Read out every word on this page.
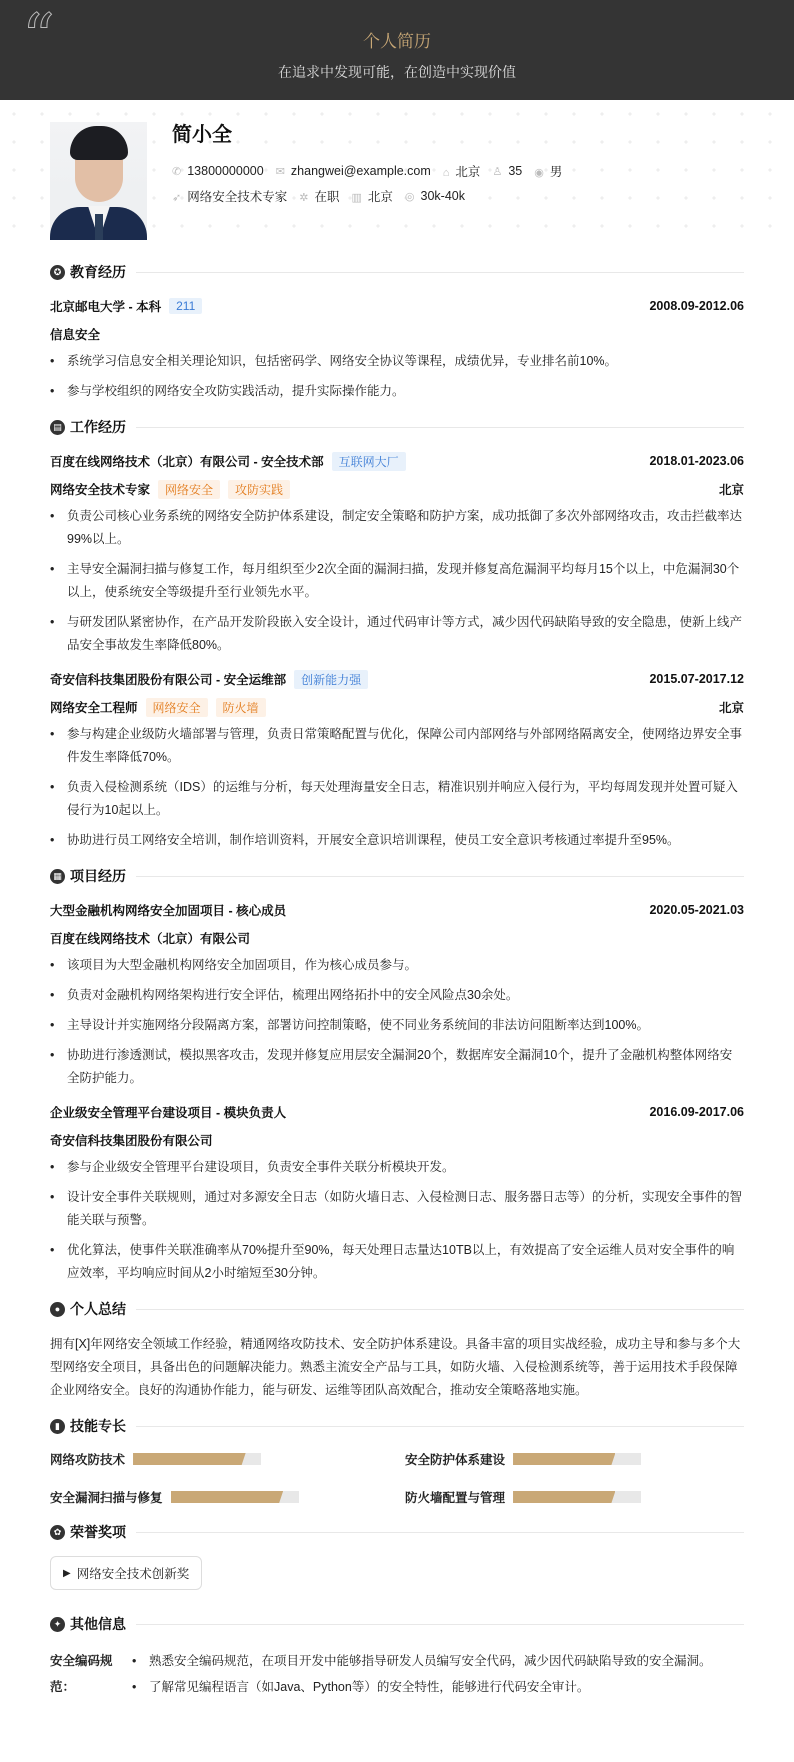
“	个人简历

在追求中发现可能，在创造中实现价值

简小全
✆ 13800000000 ✉ zhangwei@example.com ⌂ 北京 ♙ 35 ◉ 男
➶ 网络安全技术专家 ✲ 在职 ▥ 北京 ◎ 30k-40k
✪ 教育经历
北京邮电大学 - 本科	211	2008.09-2012.06
信息安全
• 系统学习信息安全相关理论知识，包括密码学、网络安全协议等课程，成绩优异，专业排名前10%。
• 参与学校组织的网络安全攻防实践活动，提升实际操作能力。
▤ 工作经历
百度在线网络技术（北京）有限公司 - 安全技术部	互联网大厂	2018.01-2023.06
网络安全技术专家	网络安全	攻防实践	北京
• 负责公司核心业务系统的网络安全防护体系建设，制定安全策略和防护方案，成功抵御了多次外部网络攻击，攻击拦截率达99%以上。
• 主导安全漏洞扫描与修复工作，每月组织至少2次全面的漏洞扫描，发现并修复高危漏洞平均每月15个以上，中危漏洞30个以上，使系统安全等级提升至行业领先水平。
• 与研发团队紧密协作，在产品开发阶段嵌入安全设计，通过代码审计等方式，减少因代码缺陷导致的安全隐患，使新上线产品安全事故发生率降低80%。
奇安信科技集团股份有限公司 - 安全运维部	创新能力强	2015.07-2017.12
网络安全工程师	网络安全	防火墙	北京
• 参与构建企业级防火墙部署与管理，负责日常策略配置与优化，保障公司内部网络与外部网络隔离安全，使网络边界安全事件发生率降低70%。
• 负责入侵检测系统（IDS）的运维与分析，每天处理海量安全日志，精准识别并响应入侵行为，平均每周发现并处置可疑入侵行为10起以上。
• 协助进行员工网络安全培训，制作培训资料，开展安全意识培训课程，使员工安全意识考核通过率提升至95%。
▦ 项目经历
大型金融机构网络安全加固项目 - 核心成员	2020.05-2021.03
百度在线网络技术（北京）有限公司
• 该项目为大型金融机构网络安全加固项目，作为核心成员参与。
• 负责对金融机构网络架构进行安全评估，梳理出网络拓扑中的安全风险点30余处。
• 主导设计并实施网络分段隔离方案，部署访问控制策略，使不同业务系统间的非法访问阻断率达到100%。
• 协助进行渗透测试，模拟黑客攻击，发现并修复应用层安全漏洞20个，数据库安全漏洞10个，提升了金融机构整体网络安全防护能力。
企业级安全管理平台建设项目 - 模块负责人	2016.09-2017.06
奇安信科技集团股份有限公司
• 参与企业级安全管理平台建设项目，负责安全事件关联分析模块开发。
• 设计安全事件关联规则，通过对多源安全日志（如防火墙日志、入侵检测日志、服务器日志等）的分析，实现安全事件的智能关联与预警。
• 优化算法，使事件关联准确率从70%提升至90%，每天处理日志量达10TB以上，有效提高了安全运维人员对安全事件的响应效率，平均响应时间从2小时缩短至30分钟。
● 个人总结

拥有[X]年网络安全领域工作经验，精通网络攻防技术、安全防护体系建设。具备丰富的项目实战经验，成功主导和参与多个大型网络安全项目，具备出色的问题解决能力。熟悉主流安全产品与工具，如防火墙、入侵检测系统等，善于运用技术手段保障企业网络安全。良好的沟通协作能力，能与研发、运维等团队高效配合，推动安全策略落地实施。

▮ 技能专长
网络攻防技术	安全防护体系建设
安全漏洞扫描与修复	防火墙配置与管理
✿ 荣誉奖项
▶ 网络安全技术创新奖
✦ 其他信息
安全编码规范：
• 熟悉安全编码规范，在项目开发中能够指导研发人员编写安全代码，减少因代码缺陷导致的安全漏洞。
• 了解常见编程语言（如Java、Python等）的安全特性，能够进行代码安全审计。
